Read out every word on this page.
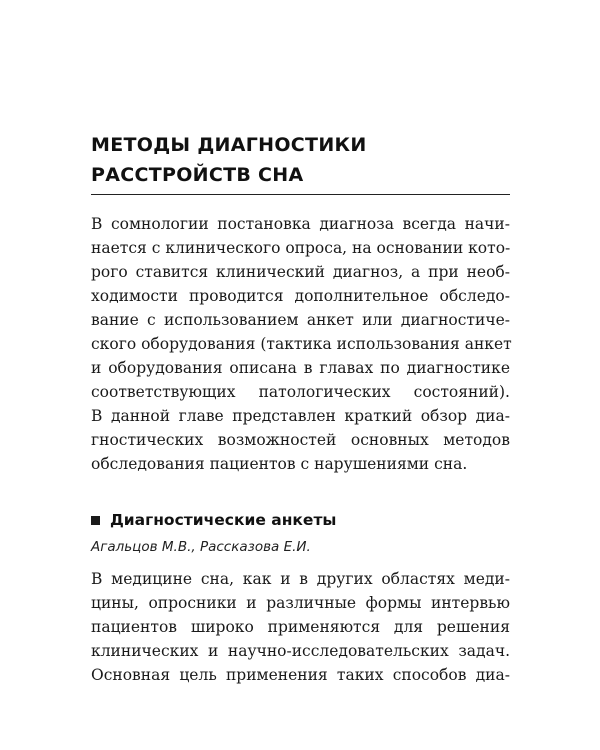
МЕТОДЫ ДИАГНОСТИКИ
РАССТРОЙСТВ СНА
В сомнологии постановка диагноза всегда начи-
нается с клинического опроса, на основании кото-
рого ставится клинический диагноз, а при необ-
ходимости проводится дополнительное обследо-
вание с использованием анкет или диагностиче-
ского оборудования (тактика использования анкет
и оборудования описана в главах по диагностике
соответствующих патологических состояний).
В данной главе представлен краткий обзор диа-
гностических возможностей основных методов
обследования пациентов с нарушениями сна.
Диагностические анкеты
Агальцов М.В., Рассказова Е.И.
В медицине сна, как и в других областях меди-
цины, опросники и различные формы интервью
пациентов широко применяются для решения
клинических и научно-исследовательских задач.
Основная цель применения таких способов диа-
